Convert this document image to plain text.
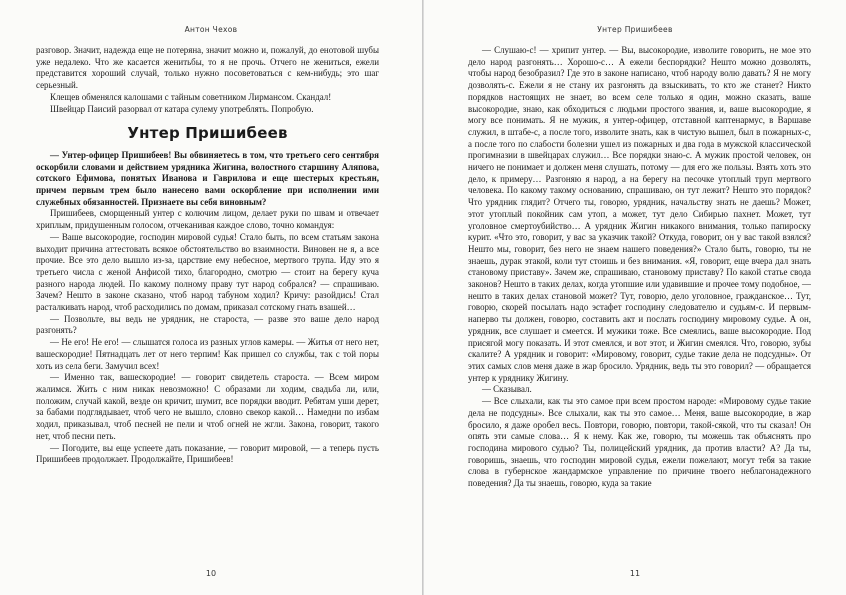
Антон Чехов

разговор. Значит, надежда еще не потеряна, значит можно и, пожалуй, до енотовой шубы уже недалеко. Что же касается женитьбы, то я не прочь. Отчего не жениться, ежели представится хороший случай, только нужно посоветоваться с кем-нибудь; это шаг серьезный.

Клещев обменялся калошами с тайным советником Лирмансом. Скандал!

Швейцар Паисий разорвал от катара сулему употреблять. Попробую.

Унтер Пришибеев

— Унтер-офицер Пришибеев! Вы обвиняетесь в том, что третьего сего сентября оскорбили словами и действием урядника Жигина, волостного старшину Аляпова, сотского Ефимова, понятых Иванова и Гаврилова и еще шестерых крестьян, причем первым трем было нанесено вами оскорбление при исполнении ими служебных обязанностей. Признаете вы себя виновным?

Пришибеев, сморщенный унтер с колючим лицом, делает руки по швам и отвечает хриплым, придушенным голосом, отчеканивая каждое слово, точно командуя:

— Ваше высокородие, господин мировой судья! Стало быть, по всем статьям закона выходит причина аттестовать всякое обстоятельство во взаимности. Виновен не я, а все прочие. Все это дело вышло из-за, царствие ему небесное, мертвого трупа. Иду это я третьего числа с женой Анфисой тихо, благородно, смотрю — стоит на берегу куча разного народа людей. По какому полному праву тут народ собрался? — спрашиваю. Зачем? Нешто в законе сказано, чтоб народ табуном ходил? Кричу: разойдись! Стал расталкивать народ, чтоб расходились по домам, приказал сотскому гнать взашей…

— Позвольте, вы ведь не урядник, не староста, — разве это ваше дело народ разгонять?

— Не его! Не его! — слышатся голоса из разных углов камеры. — Житья от него нет, вашескородие! Пятнадцать лет от него терпим! Как пришел со службы, так с той поры хоть из села беги. Замучил всех!

— Именно так, вашескородие! — говорит свидетель староста. — Всем миром жалимся. Жить с ним никак невозможно! С образами ли ходим, свадьба ли, или, положим, случай какой, везде он кричит, шумит, все порядки вводит. Ребятам уши дерет, за бабами подглядывает, чтоб чего не вышло, словно свекор какой… Намедни по избам ходил, приказывал, чтоб песней не пели и чтоб огней не жгли. Закона, говорит, такого нет, чтоб песни петь.

— Погодите, вы еще успеете дать показание, — говорит мировой, — а теперь пусть Пришибеев продолжает. Продолжайте, Пришибеев!

10
Унтер Пришибеев

— Слушаю-с! — хрипит унтер. — Вы, высокородие, изволите говорить, не мое это дело народ разгонять… Хорошо-с… А ежели беспорядки? Нешто можно дозволять, чтобы народ безобразил? Где это в законе написано, чтоб народу волю давать? Я не могу дозволять-с. Ежели я не стану их разгонять да взыскивать, то кто же станет? Никто порядков настоящих не знает, во всем селе только я один, можно сказать, ваше высокородие, знаю, как обходиться с людьми простого звания, и, ваше высокородие, я могу все понимать. Я не мужик, я унтер-офицер, отставной каптенармус, в Варшаве служил, в штабе-с, а после того, изволите знать, как в чистую вышел, был в пожарных-с, а после того по слабости болезни ушел из пожарных и два года в мужской классической прогимназии в швейцарах служил… Все порядки знаю-с. А мужик простой человек, он ничего не понимает и должен меня слушать, потому — для его же пользы. Взять хоть это дело, к примеру… Разгоняю я народ, а на берегу на песочке утоплый труп мертвого человека. По какому такому основанию, спрашиваю, он тут лежит? Нешто это порядок? Что урядник глядит? Отчего ты, говорю, урядник, начальству знать не даешь? Может, этот утоплый покойник сам утоп, а может, тут дело Сибирью пахнет. Может, тут уголовное смертоубийство… А урядник Жигин никакого внимания, только папироску курит. «Что это, говорит, у вас за указчик такой? Откуда, говорит, он у вас такой взялся? Нешто мы, говорит, без него не знаем нашего поведения?» Стало быть, говорю, ты не знаешь, дурак этакой, коли тут стоишь и без внимания. «Я, говорит, еще вчера дал знать становому приставу». Зачем же, спрашиваю, становому приставу? По какой статье свода законов? Нешто в таких делах, когда утопшие или удавившие и прочее тому подобное, — нешто в таких делах становой может? Тут, говорю, дело уголовное, гражданское… Тут, говорю, скорей посылать надо эстафет господину следователю и судьям-с. И первым-наперво ты должен, говорю, составить акт и послать господину мировому судье. А он, урядник, все слушает и смеется. И мужики тоже. Все смеялись, ваше высокородие. Под присягой могу показать. И этот смеялся, и вот этот, и Жигин смеялся. Что, говорю, зубы скалите? А урядник и говорит: «Мировому, говорит, судье такие дела не подсудны». От этих самых слов меня даже в жар бросило. Урядник, ведь ты это говорил? — обращается унтер к уряднику Жигину.

— Сказывал.

— Все слыхали, как ты это самое при всем простом народе: «Мировому судье такие дела не подсудны». Все слыхали, как ты это самое… Меня, ваше высокородие, в жар бросило, я даже оробел весь. Повтори, говорю, повтори, такой-сякой, что ты сказал! Он опять эти самые слова… Я к нему. Как же, говорю, ты можешь так объяснять про господина мирового судью? Ты, полицейский урядник, да против власти? А? Да ты, говоришь, знаешь, что господин мировой судья, ежели пожелают, могут тебя за такие слова в губернское жандармское управление по причине твоего неблагонадежного поведения? Да ты знаешь, говорю, куда за такие

11
